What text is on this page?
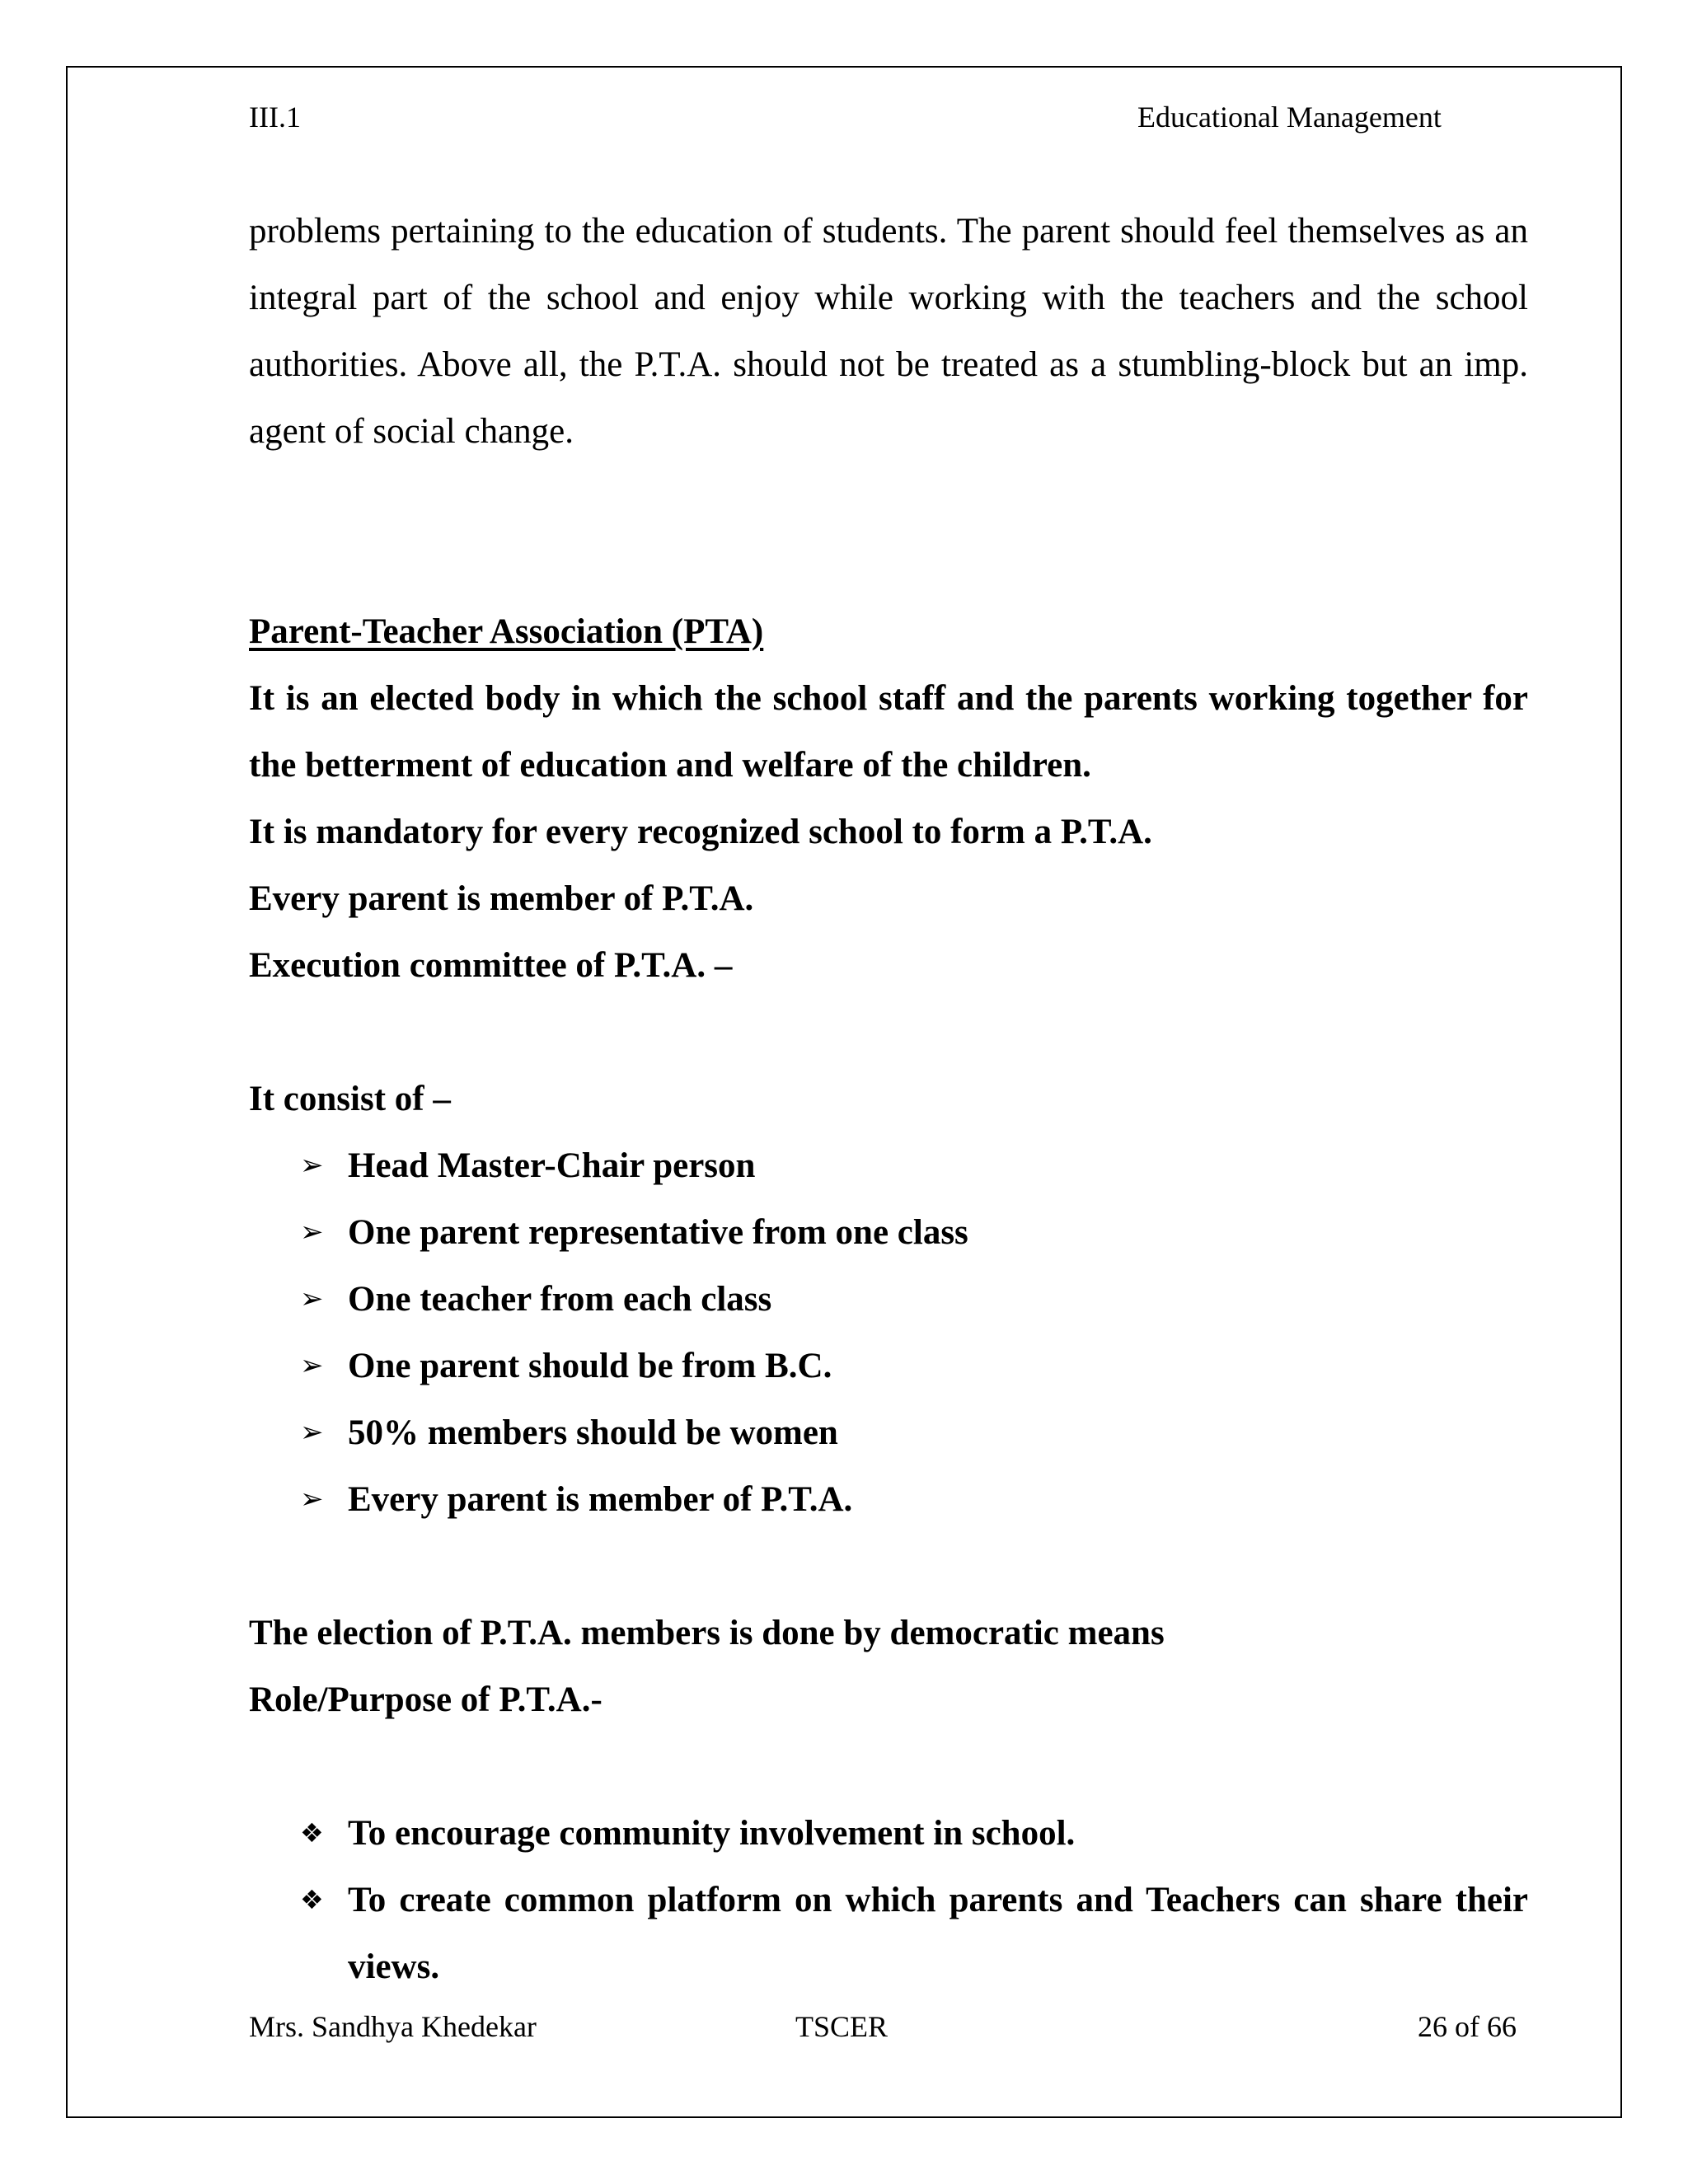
III.1	Educational Management

problems pertaining to the education of students. The parent should feel themselves as an integral part of the school and enjoy while working with the teachers and the school authorities. Above all, the P.T.A. should not be treated as a stumbling-block but an imp. agent of social change.

Parent-Teacher Association (PTA)

It is an elected body in which the school staff and the parents working together for the betterment of education and welfare of the children.

It is mandatory for every recognized school to form a P.T.A.

Every parent is member of P.T.A.

Execution committee of P.T.A. –

It consist of –

➢ Head Master-Chair person
➢ One parent representative from one class
➢ One teacher from each class
➢ One parent should be from B.C.
➢ 50% members should be women
➢ Every parent is member of P.T.A.

The election of P.T.A. members is done by democratic means

Role/Purpose of P.T.A.-

❖ To encourage community involvement in school.
❖ To create common platform on which parents and Teachers can share their views.
Mrs. Sandhya Khedekar	TSCER	26 of 66
